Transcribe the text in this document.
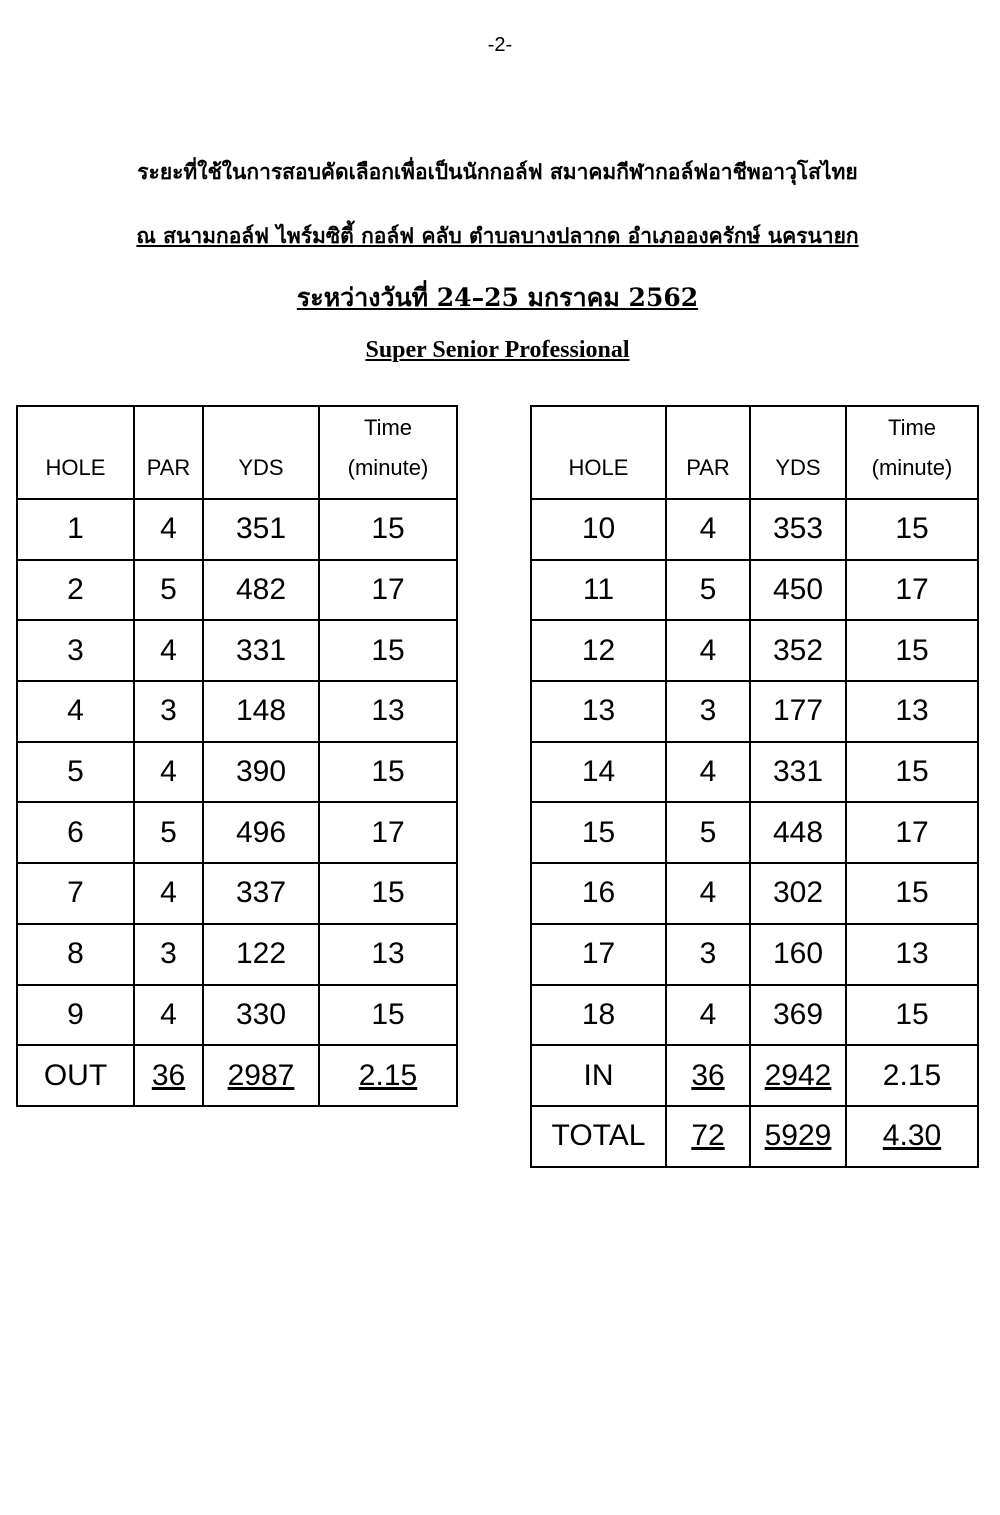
-2-
ระยะที่ใช้ในการสอบคัดเลือกเพื่อเป็นนักกอล์ฟ สมาคมกีฬากอล์ฟอาชีพอาวุโสไทย
ณ สนามกอล์ฟ ไพร์มซิตี้ กอล์ฟ คลับ ตำบลบางปลากด อำเภอองครักษ์ นครนายก
ระหว่างวันที่ 24–25 มกราคม 2562
Super Senior Professional
HOLE	PAR	YDS	Time
(minute)
1	4	351	15
2	5	482	17
3	4	331	15
4	3	148	13
5	4	390	15
6	5	496	17
7	4	337	15
8	3	122	13
9	4	330	15
OUT	36	2987	2.15
HOLE	PAR	YDS	Time
(minute)
10	4	353	15
11	5	450	17
12	4	352	15
13	3	177	13
14	4	331	15
15	5	448	17
16	4	302	15
17	3	160	13
18	4	369	15
IN	36	2942	2.15
TOTAL	72	5929	4.30
